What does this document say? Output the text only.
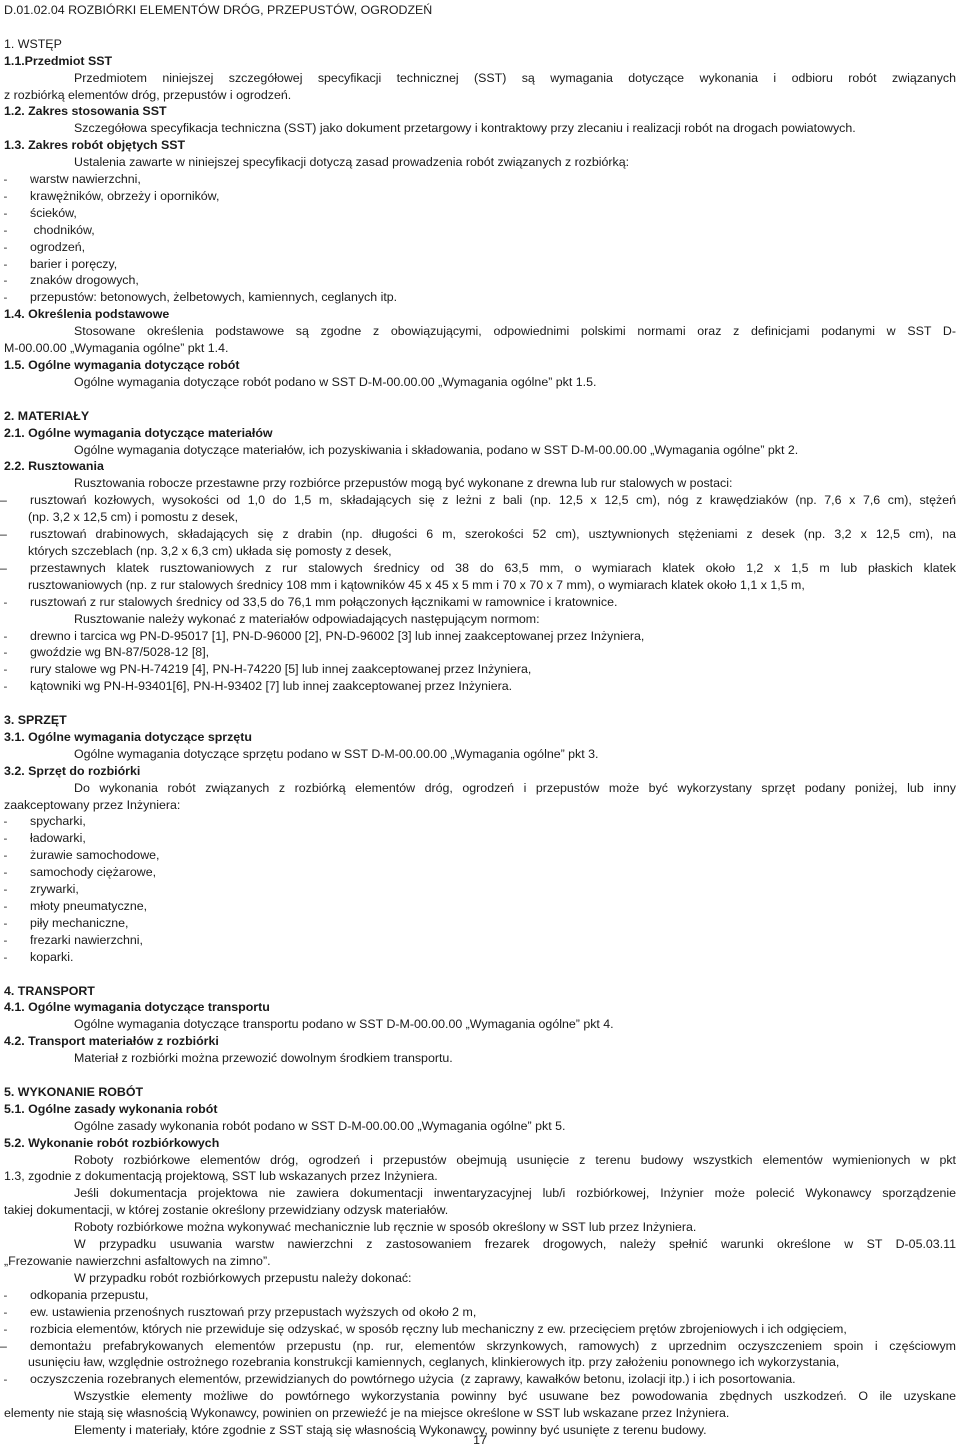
D.01.02.04 ROZBIÓRKI ELEMENTÓW DRÓG, PRZEPUSTÓW, OGRODZEŃ
1. WSTĘP
1.1.Przedmiot SST
Przedmiotem niniejszej szczegółowej specyfikacji technicznej (SST) są wymagania dotyczące wykonania i odbioru robót związanych
z rozbiórką elementów dróg, przepustów i ogrodzeń.
1.2. Zakres stosowania SST
Szczegółowa specyfikacja techniczna (SST) jako dokument przetargowy i kontraktowy przy zlecaniu i realizacji robót na drogach powiatowych.
1.3. Zakres robót objętych SST
Ustalenia zawarte w niniejszej specyfikacji dotyczą zasad prowadzenia robót związanych z rozbiórką:
– warstw nawierzchni,
– krawężników, obrzeży i oporników,
– ścieków,
–  chodników,
– ogrodzeń,
– barier i poręczy,
– znaków drogowych,
– przepustów: betonowych, żelbetowych, kamiennych, ceglanych itp.
1.4. Określenia podstawowe
Stosowane określenia podstawowe są zgodne z obowiązującymi, odpowiednimi polskimi normami oraz z definicjami podanymi w SST D-
M-00.00.00 „Wymagania ogólne” pkt 1.4.
1.5. Ogólne wymagania dotyczące robót
Ogólne wymagania dotyczące robót podano w SST D-M-00.00.00 „Wymagania ogólne” pkt 1.5.
2. MATERIAŁY
2.1. Ogólne wymagania dotyczące materiałów
Ogólne wymagania dotyczące materiałów, ich pozyskiwania i składowania, podano w SST D-M-00.00.00 „Wymagania ogólne” pkt 2.
2.2. Rusztowania
Rusztowania robocze przestawne przy rozbiórce przepustów mogą być wykonane z drewna lub rur stalowych w postaci:
– rusztowań kozłowych, wysokości od 1,0 do 1,5 m, składających się z leżni z bali (np. 12,5 x 12,5 cm), nóg z krawędziaków (np. 7,6 x 7,6 cm), stężeń
(np. 3,2 x 12,5 cm) i pomostu z desek,
– rusztowań drabinowych, składających się z drabin (np. długości 6 m, szerokości 52 cm), usztywnionych stężeniami z desek (np. 3,2 x 12,5 cm), na
których szczeblach (np. 3,2 x 6,3 cm) układa się pomosty z desek,
– przestawnych klatek rusztowaniowych z rur stalowych średnicy od 38 do 63,5 mm, o wymiarach klatek około 1,2 x 1,5 m lub płaskich klatek
rusztowaniowych (np. z rur stalowych średnicy 108 mm i kątowników 45 x 45 x 5 mm i 70 x 70 x 7 mm), o wymiarach klatek około 1,1 x 1,5 m,
– rusztowań z rur stalowych średnicy od 33,5 do 76,1 mm połączonych łącznikami w ramownice i kratownice.
Rusztowanie należy wykonać z materiałów odpowiadających następującym normom:
– drewno i tarcica wg PN-D-95017 [1], PN-D-96000 [2], PN-D-96002 [3] lub innej zaakceptowanej przez Inżyniera,
– gwoździe wg BN-87/5028-12 [8],
– rury stalowe wg PN-H-74219 [4], PN-H-74220 [5] lub innej zaakceptowanej przez Inżyniera,
– kątowniki wg PN-H-93401[6], PN-H-93402 [7] lub innej zaakceptowanej przez Inżyniera.
3. SPRZĘT
3.1. Ogólne wymagania dotyczące sprzętu
Ogólne wymagania dotyczące sprzętu podano w SST D-M-00.00.00 „Wymagania ogólne” pkt 3.
3.2. Sprzęt do rozbiórki
Do wykonania robót związanych z rozbiórką elementów dróg, ogrodzeń i przepustów może być wykorzystany sprzęt podany poniżej, lub inny
zaakceptowany przez Inżyniera:
– spycharki,
– ładowarki,
– żurawie samochodowe,
– samochody ciężarowe,
– zrywarki,
– młoty pneumatyczne,
– piły mechaniczne,
– frezarki nawierzchni,
– koparki.
4. TRANSPORT
4.1. Ogólne wymagania dotyczące transportu
Ogólne wymagania dotyczące transportu podano w SST D-M-00.00.00 „Wymagania ogólne” pkt 4.
4.2. Transport materiałów z rozbiórki
Materiał z rozbiórki można przewozić dowolnym środkiem transportu.
5. WYKONANIE ROBÓT
5.1. Ogólne zasady wykonania robót
Ogólne zasady wykonania robót podano w SST D-M-00.00.00 „Wymagania ogólne” pkt 5.
5.2. Wykonanie robót rozbiórkowych
Roboty rozbiórkowe elementów dróg, ogrodzeń i przepustów obejmują usunięcie z terenu budowy wszystkich elementów wymienionych w pkt
1.3, zgodnie z dokumentacją projektową, SST lub wskazanych przez Inżyniera.
Jeśli dokumentacja projektowa nie zawiera dokumentacji inwentaryzacyjnej lub/i rozbiórkowej, Inżynier może polecić Wykonawcy sporządzenie
takiej dokumentacji, w której zostanie określony przewidziany odzysk materiałów.
Roboty rozbiórkowe można wykonywać mechanicznie lub ręcznie w sposób określony w SST lub przez Inżyniera.
W przypadku usuwania warstw nawierzchni z zastosowaniem frezarek drogowych, należy spełnić warunki określone w ST D-05.03.11
„Frezowanie nawierzchni asfaltowych na zimno”.
W przypadku robót rozbiórkowych przepustu należy dokonać:
– odkopania przepustu,
– ew. ustawienia przenośnych rusztowań przy przepustach wyższych od około 2 m,
– rozbicia elementów, których nie przewiduje się odzyskać, w sposób ręczny lub mechaniczny z ew. przecięciem prętów zbrojeniowych i ich odgięciem,
– demontażu prefabrykowanych elementów przepustu (np. rur, elementów skrzynkowych, ramowych) z uprzednim oczyszczeniem spoin i częściowym
usunięciu ław, względnie ostrożnego rozebrania konstrukcji kamiennych, ceglanych, klinkierowych itp. przy założeniu ponownego ich wykorzystania,
– oczyszczenia rozebranych elementów, przewidzianych do powtórnego użycia  (z zaprawy, kawałków betonu, izolacji itp.) i ich posortowania.
Wszystkie elementy możliwe do powtórnego wykorzystania powinny być usuwane bez powodowania zbędnych uszkodzeń. O ile uzyskane
elementy nie stają się własnością Wykonawcy, powinien on przewieźć je na miejsce określone w SST lub wskazane przez Inżyniera.
Elementy i materiały, które zgodnie z SST stają się własnością Wykonawcy, powinny być usunięte z terenu budowy.
17
